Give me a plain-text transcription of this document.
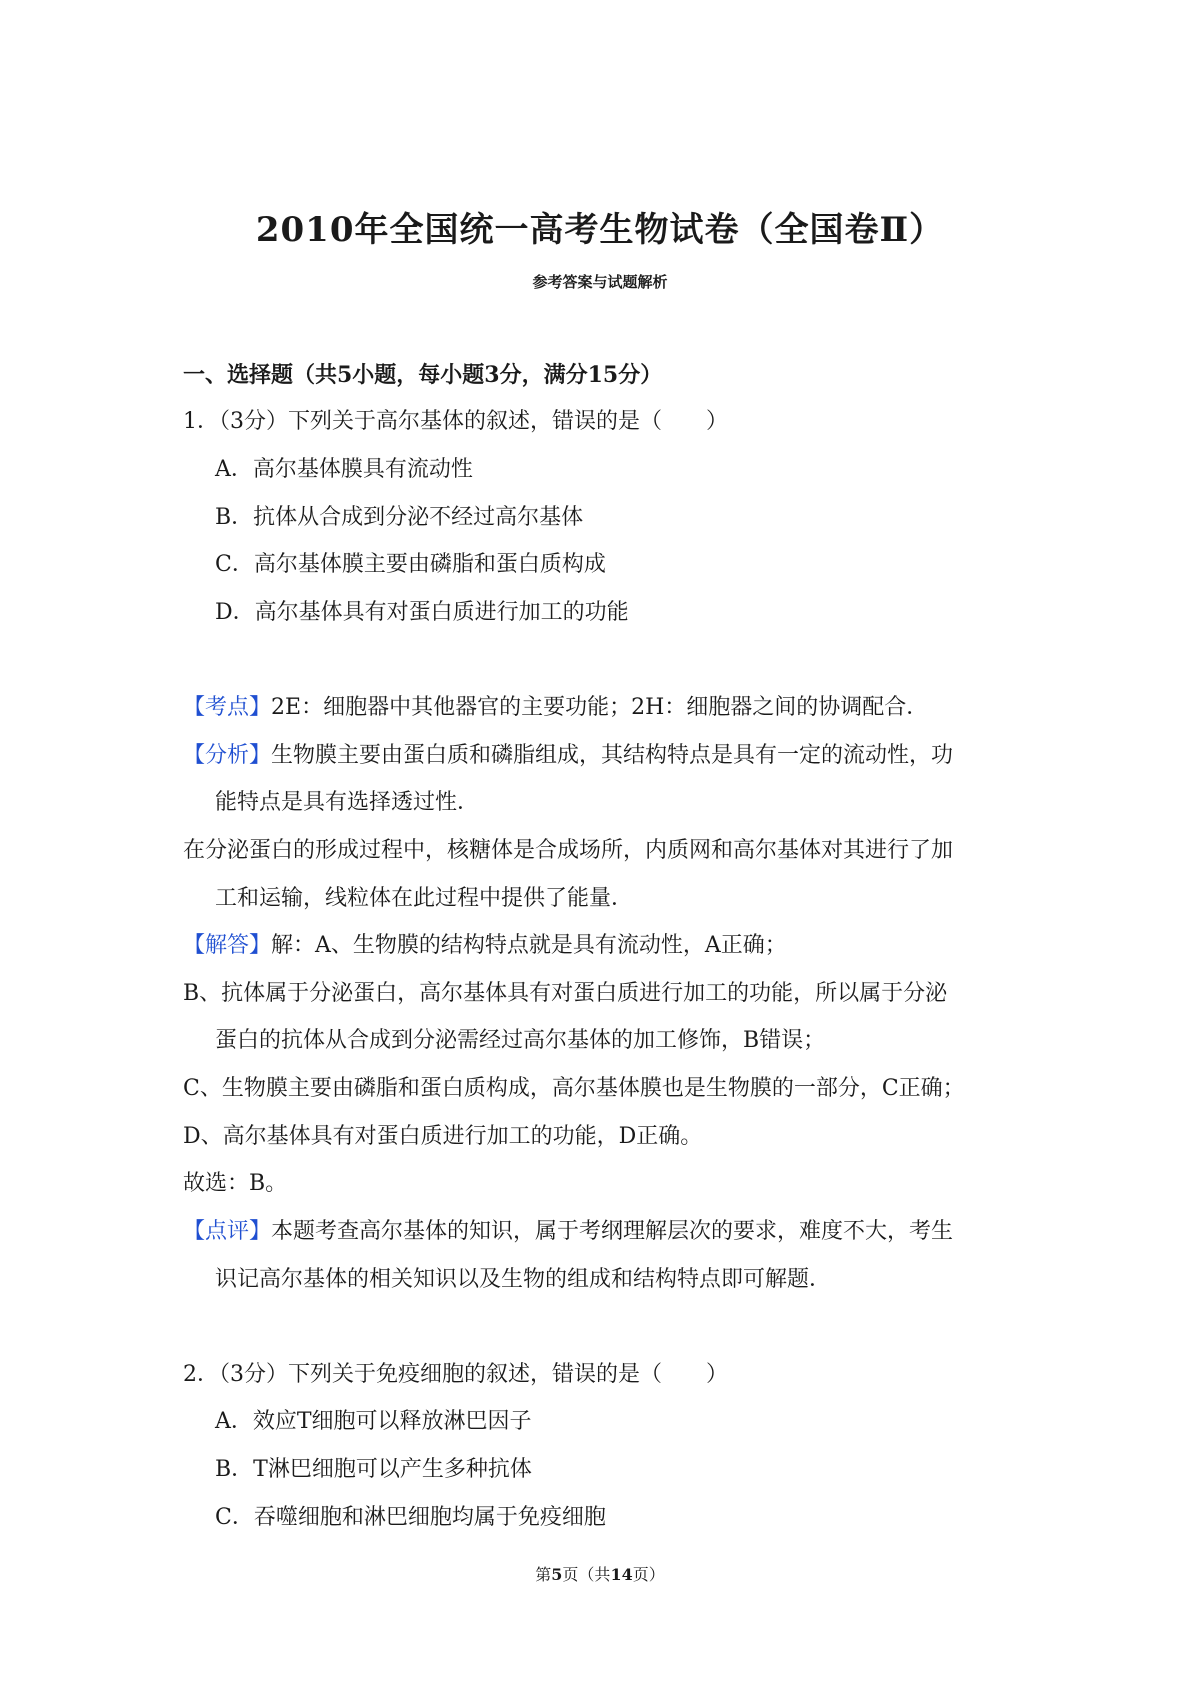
2010年全国统一高考生物试卷（全国卷Ⅱ）
参考答案与试题解析
一、选择题（共5小题，每小题3分，满分15分）
1．（3分）下列关于高尔基体的叙述，错误的是（　　）
A．高尔基体膜具有流动性
B．抗体从合成到分泌不经过高尔基体
C．高尔基体膜主要由磷脂和蛋白质构成
D．高尔基体具有对蛋白质进行加工的功能
【考点】2E：细胞器中其他器官的主要功能；2H：细胞器之间的协调配合．
【分析】生物膜主要由蛋白质和磷脂组成，其结构特点是具有一定的流动性，功
能特点是具有选择透过性．
在分泌蛋白的形成过程中，核糖体是合成场所，内质网和高尔基体对其进行了加
工和运输，线粒体在此过程中提供了能量．
【解答】解：A、生物膜的结构特点就是具有流动性，A正确；
B、抗体属于分泌蛋白，高尔基体具有对蛋白质进行加工的功能，所以属于分泌
蛋白的抗体从合成到分泌需经过高尔基体的加工修饰，B错误；
C、生物膜主要由磷脂和蛋白质构成，高尔基体膜也是生物膜的一部分，C正确；
D、高尔基体具有对蛋白质进行加工的功能，D正确。
故选：B。
【点评】本题考查高尔基体的知识，属于考纲理解层次的要求，难度不大，考生
识记高尔基体的相关知识以及生物的组成和结构特点即可解题．
2．（3分）下列关于免疫细胞的叙述，错误的是（　　）
A．效应T细胞可以释放淋巴因子
B．T淋巴细胞可以产生多种抗体
C．吞噬细胞和淋巴细胞均属于免疫细胞
第5页（共14页）
